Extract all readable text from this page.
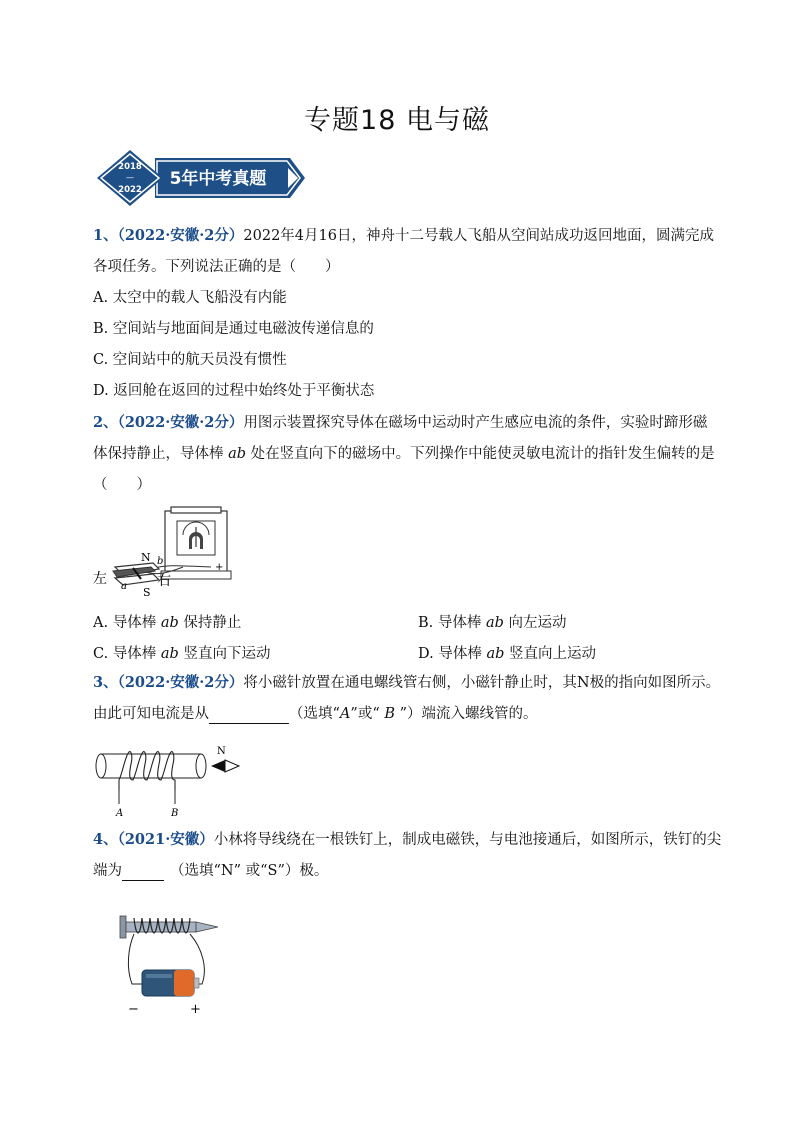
专题18 电与磁
2018
—
2022
5年中考真题
1、（2022·安徽·2分）2022年4月16日，神舟十二号载人飞船从空间站成功返回地面，圆满完成
各项任务。下列说法正确的是（　　）
A. 太空中的载人飞船没有内能
B. 空间站与地面间是通过电磁波传递信息的
C. 空间站中的航天员没有惯性
D. 返回舱在返回的过程中始终处于平衡状态
2、（2022·安徽·2分）用图示装置探究导体在磁场中运动时产生感应电流的条件，实验时蹄形磁
体保持静止，导体棒 ab 处在竖直向下的磁场中。下列操作中能使灵敏电流计的指针发生偏转的是
（　　）
N
S
b
a
左	右
+
A. 导体棒 ab 保持静止	B. 导体棒 ab 向左运动
C. 导体棒 ab 竖直向下运动	D. 导体棒 ab 竖直向上运动
3、（2022·安徽·2分）将小磁针放置在通电螺线管右侧，小磁针静止时，其N极的指向如图所示。
由此可知电流是从	（选填“A”或“ B ”）端流入螺线管的。
A	B
N
4、（2021·安徽）小林将导线绕在一根铁钉上，制成电磁铁，与电池接通后，如图所示，铁钉的尖
端为	（选填“N” 或“S”）极。
−	+
